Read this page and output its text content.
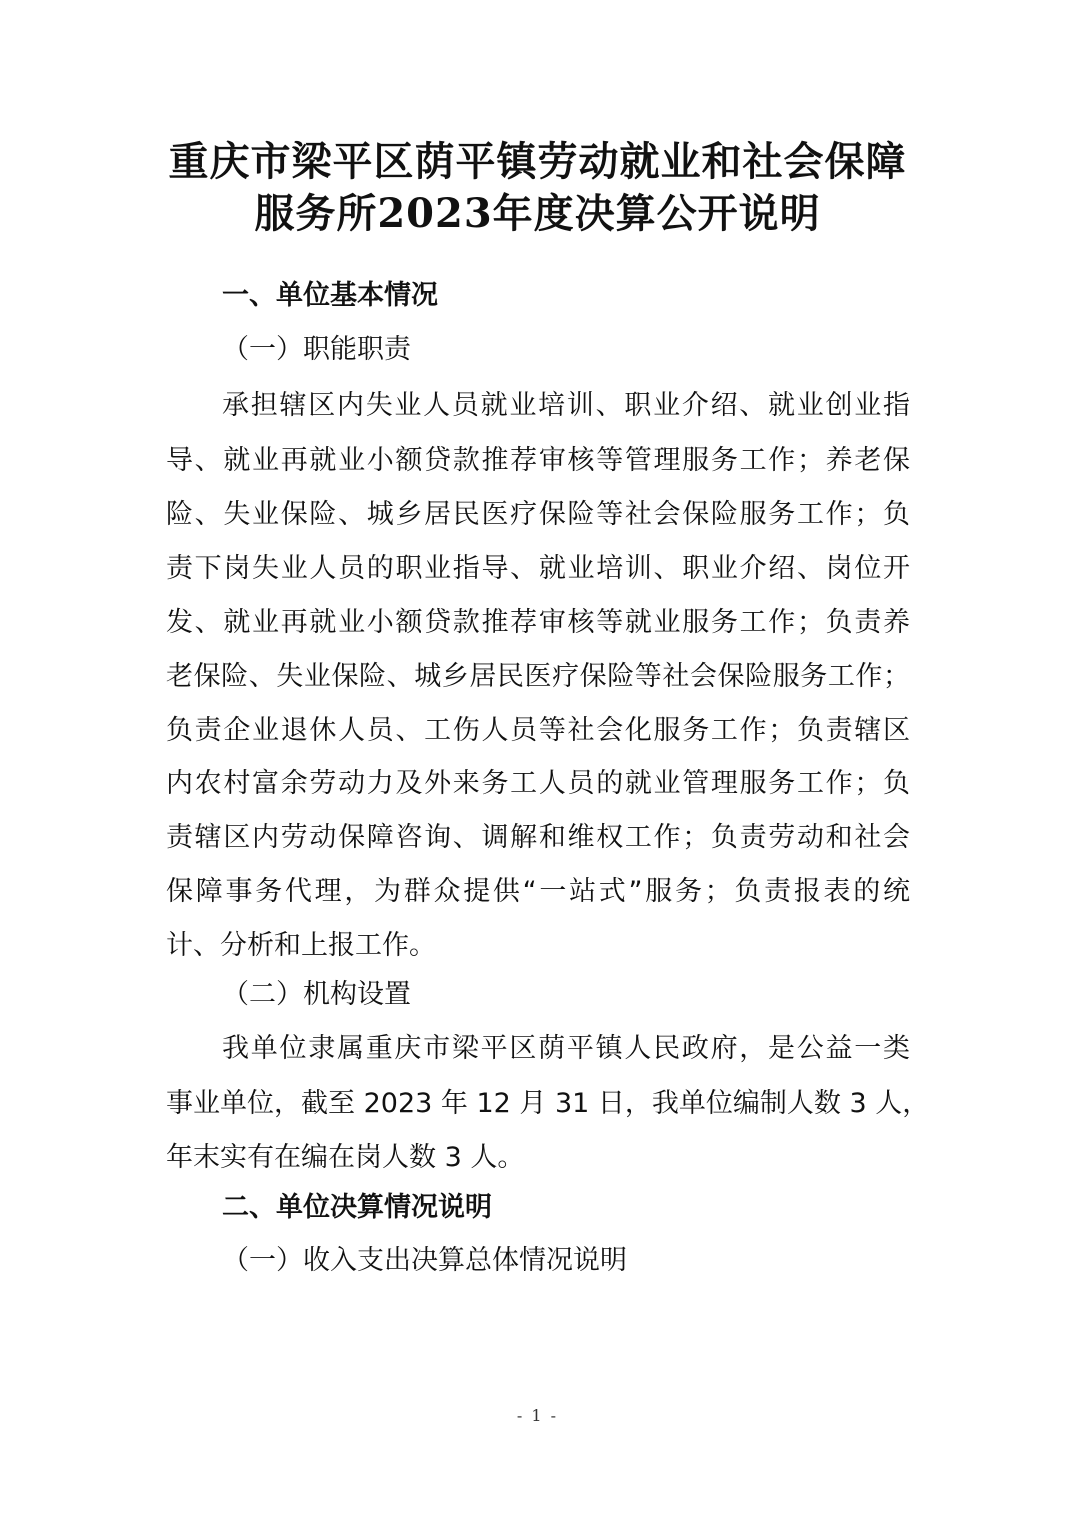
重庆市梁平区荫平镇劳动就业和社会保障
服务所2023年度决算公开说明
一、单位基本情况
（一）职能职责
承担辖区内失业人员就业培训、职业介绍、就业创业指
导、就业再就业小额贷款推荐审核等管理服务工作；养老保
险、失业保险、城乡居民医疗保险等社会保险服务工作；负
责下岗失业人员的职业指导、就业培训、职业介绍、岗位开
发、就业再就业小额贷款推荐审核等就业服务工作；负责养
老保险、失业保险、城乡居民医疗保险等社会保险服务工作；
负责企业退休人员、工伤人员等社会化服务工作；负责辖区
内农村富余劳动力及外来务工人员的就业管理服务工作；负
责辖区内劳动保障咨询、调解和维权工作；负责劳动和社会
保障事务代理，为群众提供“一站式”服务；负责报表的统
计、分析和上报工作。
（二）机构设置
我单位隶属重庆市梁平区荫平镇人民政府，是公益一类
事业单位，截至 2023 年 12 月 31 日，我单位编制人数 3 人，
年末实有在编在岗人数 3 人。
二、单位决算情况说明
（一）收入支出决算总体情况说明
- 1 -
